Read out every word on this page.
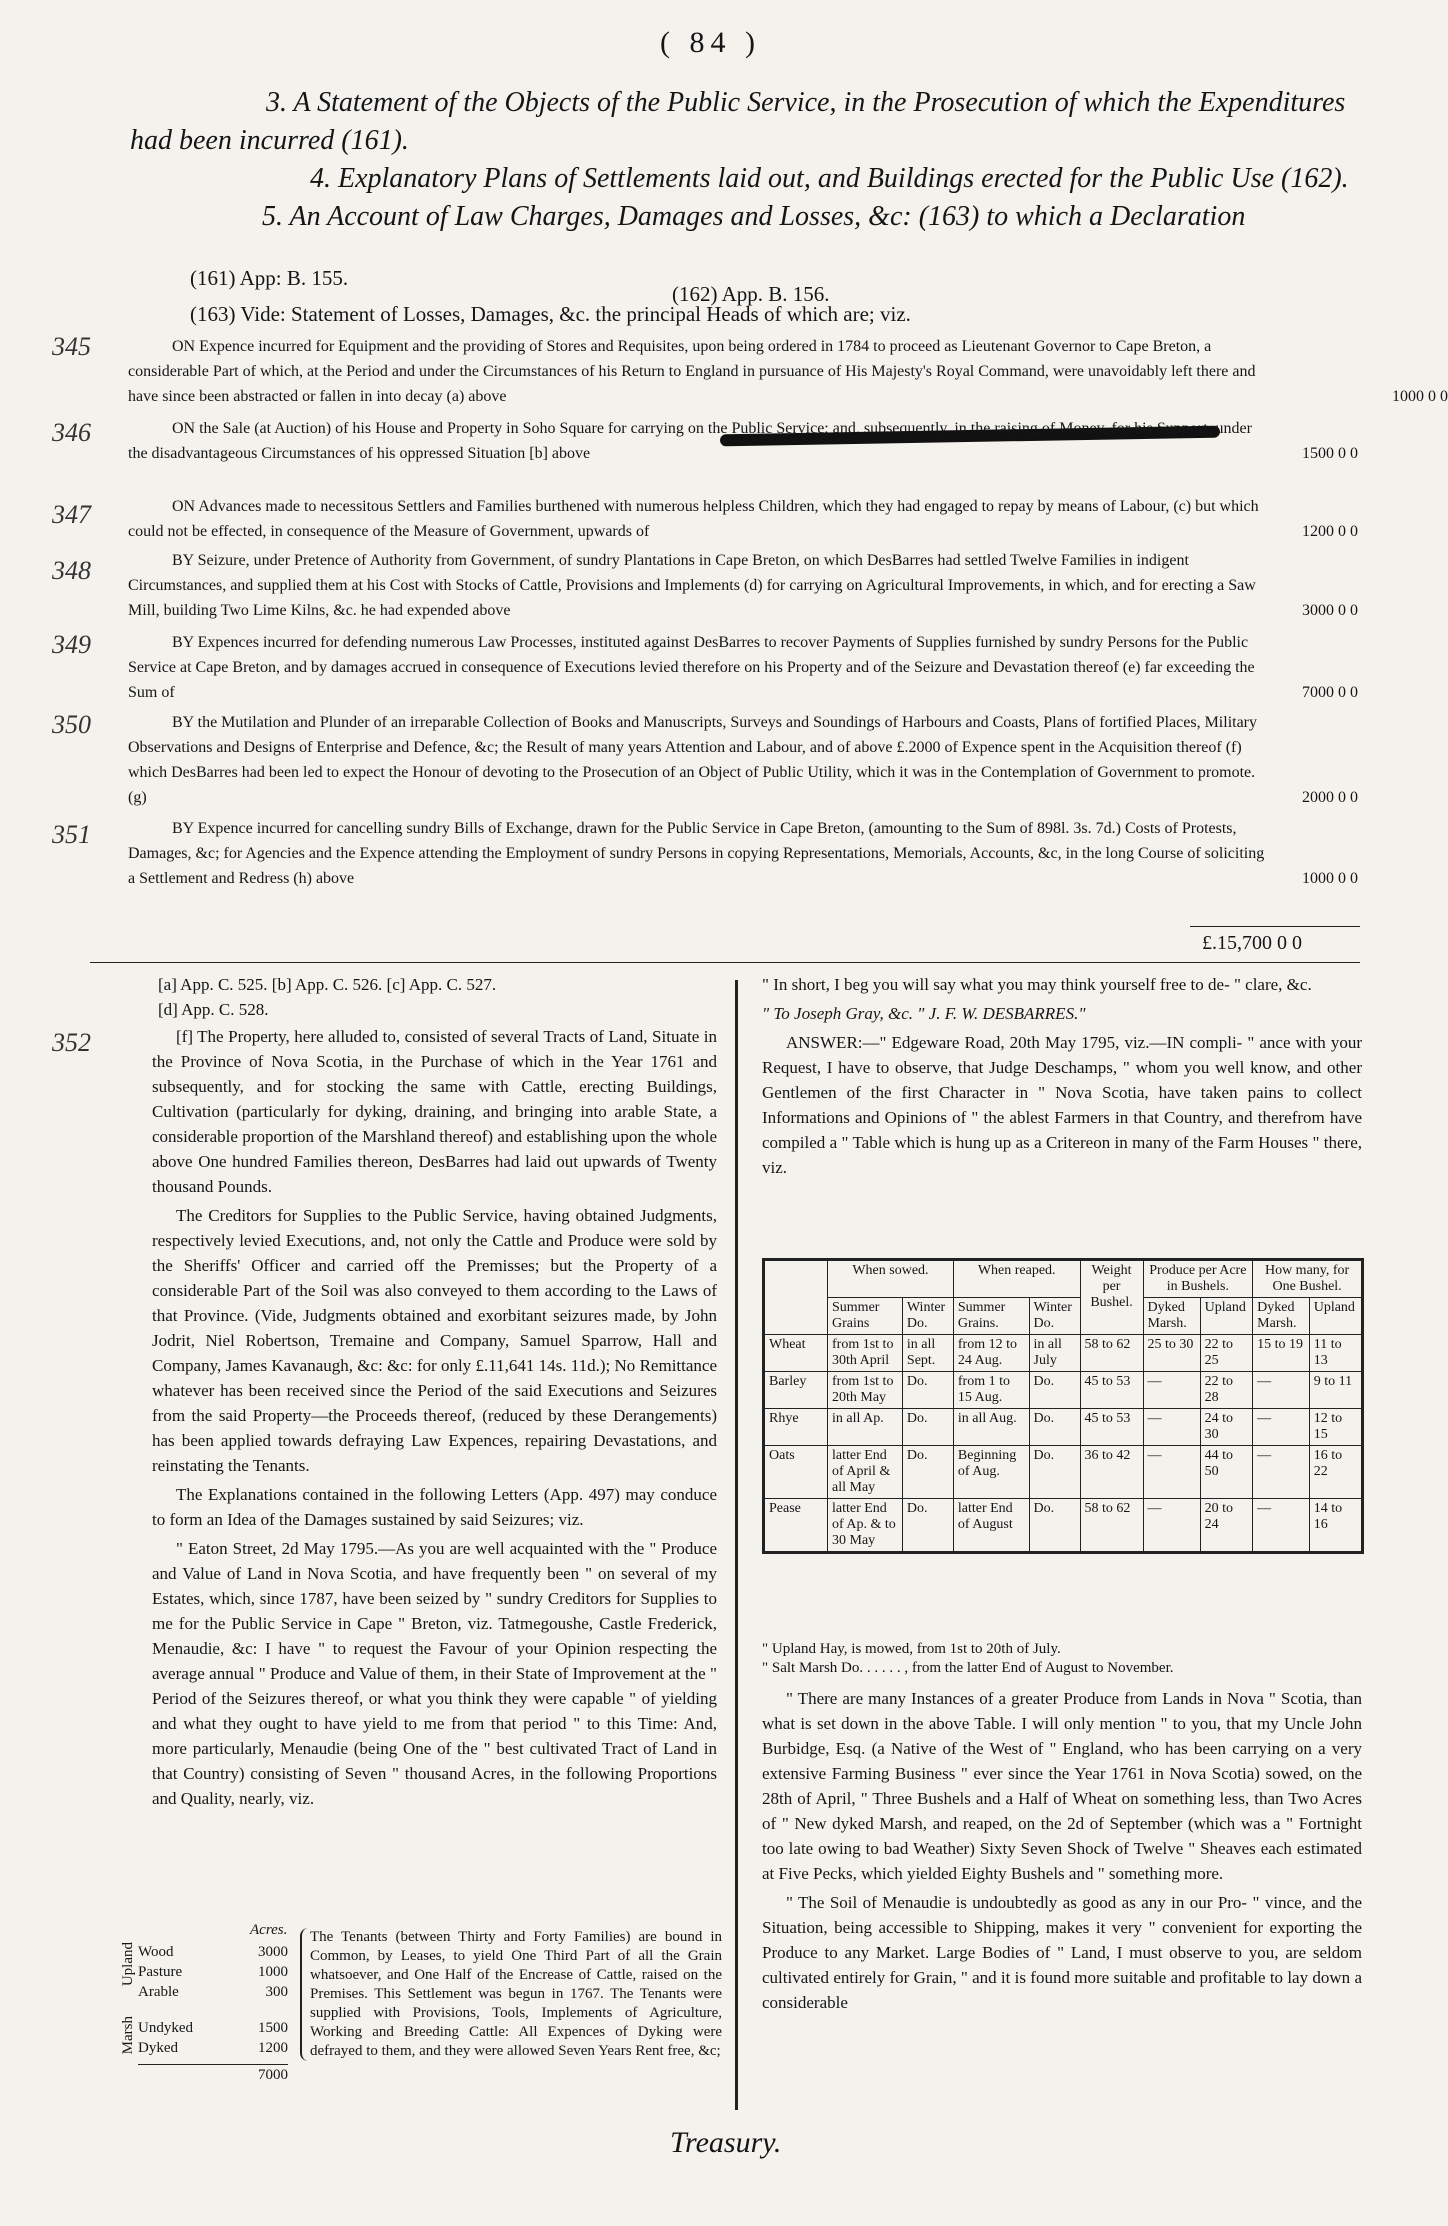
( 84 )
3. A Statement of the Objects of the Public Service, in the Prosecution of which the Expenditures had been incurred (161).
4. Explanatory Plans of Settlements laid out, and Buildings erected for the Public Use (162).
5. An Account of Law Charges, Damages and Losses, &c: (163) to which a Declaration
(161) App: B. 155.
(162) App. B. 156.
(163) Vide: Statement of Losses, Damages, &c. the principal Heads of which are; viz.
345	ON Expence incurred for Equipment and the providing of Stores and Requisites, upon being ordered in 1784 to proceed as Lieutenant Governor to Cape Breton, a considerable Part of which, at the Period and under the Circumstances of his Return to England in pursuance of His Majesty's Royal Command, were unavoidably left there and have since been abstracted or fallen in into decay (a) above	1000 0 0
346	ON the Sale (at Auction) of his House and Property in Soho Square for carrying on the Public Service; and, subsequently, in the raising of Money, for his Support, under the disadvantageous Circumstances of his oppressed Situation [b] above	1500 0 0
347	ON Advances made to necessitous Settlers and Families burthened with numerous helpless Children, which they had engaged to repay by means of Labour, (c) but which could not be effected, in consequence of the Measure of Government, upwards of	1200 0 0
348	BY Seizure, under Pretence of Authority from Government, of sundry Plantations in Cape Breton, on which DesBarres had settled Twelve Families in indigent Circumstances, and supplied them at his Cost with Stocks of Cattle, Provisions and Implements (d) for carrying on Agricultural Improvements, in which, and for erecting a Saw Mill, building Two Lime Kilns, &c. he had expended above	3000 0 0
349	BY Expences incurred for defending numerous Law Processes, instituted against DesBarres to recover Payments of Supplies furnished by sundry Persons for the Public Service at Cape Breton, and by damages accrued in consequence of Executions levied therefore on his Property and of the Seizure and Devastation thereof (e) far exceeding the Sum of	7000 0 0
350	BY the Mutilation and Plunder of an irreparable Collection of Books and Manuscripts, Surveys and Soundings of Harbours and Coasts, Plans of fortified Places, Military Observations and Designs of Enterprise and Defence, &c; the Result of many years Attention and Labour, and of above £.2000 of Expence spent in the Acquisition thereof (f) which DesBarres had been led to expect the Honour of devoting to the Prosecution of an Object of Public Utility, which it was in the Contemplation of Government to promote. (g)	2000 0 0
351	BY Expence incurred for cancelling sundry Bills of Exchange, drawn for the Public Service in Cape Breton, (amounting to the Sum of 898l. 3s. 7d.) Costs of Protests, Damages, &c; for Agencies and the Expence attending the Employment of sundry Persons in copying Representations, Memorials, Accounts, &c, in the long Course of soliciting a Settlement and Redress (h) above	1000 0 0
£.15,700 0 0
[a] App. C. 525. [b] App. C. 526. [c] App. C. 527.
[d] App. C. 528.

[f] The Property, here alluded to, consisted of several Tracts of Land, Situate in the Province of Nova Scotia, in the Purchase of which in the Year 1761 and subsequently, and for stocking the same with Cattle, erecting Buildings, Cultivation (particularly for dyking, draining, and bringing into arable State, a considerable proportion of the Marshland thereof) and establishing upon the whole above One hundred Families thereon, DesBarres had laid out upwards of Twenty thousand Pounds.

The Creditors for Supplies to the Public Service, having obtained Judgments, respectively levied Executions, and, not only the Cattle and Produce were sold by the Sheriffs' Officer and carried off the Premisses; but the Property of a considerable Part of the Soil was also conveyed to them according to the Laws of that Province. (Vide, Judgments obtained and exorbitant seizures made, by John Jodrit, Niel Robertson, Tremaine and Company, Samuel Sparrow, Hall and Company, James Kavanaugh, &c: &c: for only £.11,641 14s. 11d.); No Remittance whatever has been received since the Period of the said Executions and Seizures from the said Property—the Proceeds thereof, (reduced by these Derangements) has been applied towards defraying Law Expences, repairing Devastations, and reinstating the Tenants.

The Explanations contained in the following Letters (App. 497) may conduce to form an Idea of the Damages sustained by said Seizures; viz.

" Eaton Street, 2d May 1795.—As you are well acquainted with the " Produce and Value of Land in Nova Scotia, and have frequently been " on several of my Estates, which, since 1787, have been seized by " sundry Creditors for Supplies to me for the Public Service in Cape " Breton, viz. Tatmegoushe, Castle Frederick, Menaudie, &c: I have " to request the Favour of your Opinion respecting the average annual " Produce and Value of them, in their State of Improvement at the " Period of the Seizures thereof, or what you think they were capable " of yielding and what they ought to have yield to me from that period " to this Time: And, more particularly, Menaudie (being One of the " best cultivated Tract of Land in that Country) consisting of Seven " thousand Acres, in the following Proportions and Quality, nearly, viz.

352
Acres.
Upland
Marsh
Wood	3000
Pasture	1000
Arable	300
Undyked	1500
Dyked	1200
7000
The Tenants (between Thirty and Forty Families) are bound in Common, by Leases, to yield One Third Part of all the Grain whatsoever, and One Half of the Encrease of Cattle, raised on the Premises. This Settlement was begun in 1767. The Tenants were supplied with Provisions, Tools, Implements of Agriculture, Working and Breeding Cattle: All Expences of Dyking were defrayed to them, and they were allowed Seven Years Rent free, &c;

" In short, I beg you will say what you may think yourself free to de- " clare, &c.

" To Joseph Gray, &c. " J. F. W. DESBARRES."

ANSWER:—" Edgeware Road, 20th May 1795, viz.—IN compli- " ance with your Request, I have to observe, that Judge Deschamps, " whom you well know, and other Gentlemen of the first Character in " Nova Scotia, have taken pains to collect Informations and Opinions of " the ablest Farmers in that Country, and therefrom have compiled a " Table which is hung up as a Critereon in many of the Farm Houses " there, viz.

	When sowed.		When reaped.		Weight per Bushel.	Produce per Acre in Bushels.		How many, for One Bushel.	
	Summer Grains	Winter Do.	Summer Grains.	Winter Do.		Dyked Marsh.	Upland	Dyked Marsh.	Upland
Wheat	from 1st to 30th April	in all Sept.	from 12 to 24 Aug.	in all July	58 to 62	25 to 30	22 to 25	15 to 19	11 to 13
Barley	from 1st to 20th May	Do.	from 1 to 15 Aug.	Do.	45 to 53	—	22 to 28	—	9 to 11
Rhye	in all Ap.	Do.	in all Aug.	Do.	45 to 53	—	24 to 30	—	12 to 15
Oats	latter End of April & all May	Do.	Beginning of Aug.	Do.	36 to 42	—	44 to 50	—	16 to 22
Pease	latter End of Ap. & to 30 May	Do.	latter End of August	Do.	58 to 62	—	20 to 24	—	14 to 16
" Upland Hay, is mowed, from 1st to 20th of July.
" Salt Marsh Do. . . . . . , from the latter End of August to November.

" There are many Instances of a greater Produce from Lands in Nova " Scotia, than what is set down in the above Table. I will only mention " to you, that my Uncle John Burbidge, Esq. (a Native of the West of " England, who has been carrying on a very extensive Farming Business " ever since the Year 1761 in Nova Scotia) sowed, on the 28th of April, " Three Bushels and a Half of Wheat on something less, than Two Acres of " New dyked Marsh, and reaped, on the 2d of September (which was a " Fortnight too late owing to bad Weather) Sixty Seven Shock of Twelve " Sheaves each estimated at Five Pecks, which yielded Eighty Bushels and " something more.

" The Soil of Menaudie is undoubtedly as good as any in our Pro- " vince, and the Situation, being accessible to Shipping, makes it very " convenient for exporting the Produce to any Market. Large Bodies of " Land, I must observe to you, are seldom cultivated entirely for Grain, " and it is found more suitable and profitable to lay down a considerable

Treasury.
